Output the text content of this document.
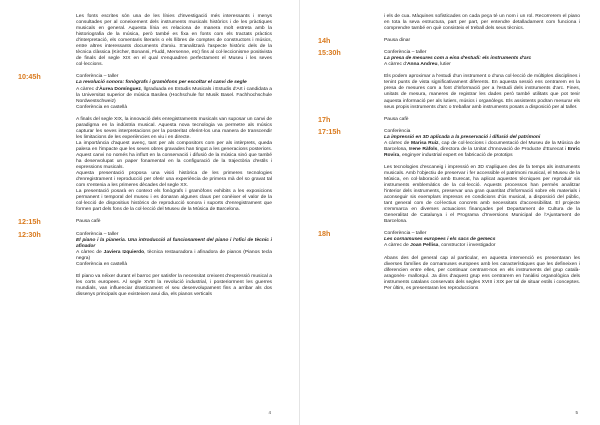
Les fonts escrites són una de les línies d'investigació més interessants i menys consultades per al coneixement dels instruments musicals històrics i de les pràctiques musicals en general. Aquesta línia es relaciona de manera molt estreta amb la historiografia de la música, però també es fixa en fonts com els tractats pràctics d'interpretació, els comentaris literaris o els llibres de comptes de constructors i músics, entre altres interessants documents d'arxiu. S'analitzarà l'aspecte històric dels de la tècnica clàssica (Kircher, Bonanni, Fludd, Mersenne, etc) fins al col·leccionisme positivista de finals del segle XIX en el qual s'enquadren perfectament el Museu i les seves col·leccions.

10:45h	Conferència – taller

La revolució sonora: fonògrafs i gramòfons per escoltar el canvi de segle

A càrrec d'Àurea Domínguez, llgraduada en Estudis Musicals i Estudis d'Art i candidata a la Universitat superior de música Basilea (Hochschule für Musik Basel. Fachhochschule Nordwestschweiz)

Conferència en castellà

A finals del segle XIX, la innovació dels enregistraments musicals van suposar un canvi de paradigma en la indústria musical. Aquesta nova tecnologia va permetre als músics capturar les seves interpretacions per la posteritat oferint-los una manera de transcendir les limitacions de les experiències en viu i en directe.

La importància d'aquest avenç, tant per als compositors com per als intèrprets, queda palesa en l'impacte que les seves obres gravades han tingut a les generacions posteriors. Aquest canvi no només ha influït en la conservació i difusió de la música sinó que també ha desenvolupat un paper fonamental en la configuració de la trajectòria d'estils i expressions musicals.

Aquesta presentació proposa una visió històrica de les primeres tecnologies d'enregistrament i reproducció per oferir una experiència de primera mà del so gravat tal com s'entenia a les primeres dècades del segle XX.

La presentació posarà en context els fonògrafs i gramòfons exhibits a les exposicions permanent i temporal del museu i es donaran algunes claus per conèixer el valor de la col·lecció de dispositius històrics de reproducció sonora i suports d'enregistrament que formen part dels fons de la col·lecció del Museu de la Música de Barcelona.

12:15h	Pausa cafè

12:30h	Conferència – taller

El piano i la pianeria. Una introducció al funcionament del piano i l'ofici de tècnic i afinador

A càrrec de Javiera Izquierdo, tècnica restauradora i afinadora de pianos (Pianos tecla negra)

Conferència en castellà

El piano va néixer durant el barroc per satisfer la necessitat creixent d'expressió musical a les corts europees. Al segle XVIII la revolució industrial, i posteriorment les guerres mundials, van influenciar drasticament el seu desenvolupament fins a arribar als dos dissenys principals que existeixen avui dia, els pianos verticals

4

i els de cua. Màquines sofisticades on cada peça té un nom i un rol. Recorrerem el piano en tota la seva estructura, part per part, per entendre detalladament com funciona i comprendre també en què consisteix el treball dels seus tècnics.

14h	Pausa dinar

15:30h	Conferència – taller

La presa de mesures com a eina d'estudi: els instruments d'arc

A càrrec d'Anna Andreu, lutier

Els podem aproximar a l'estudi d'un instrument o d'una col·lecció de múltiples disciplines i tenint punts de vista significativament diferents. En aquesta sessió ens centrarem en la presa de mesures com a font d'informació per a l'estudi dels instruments d'arc. Fines, unitats de mesura, maneres de registrar les dades però també utilitats que pot tenir aquesta informació per als lutiers, músics i organòlegs. Els assistents podran mesurar els seus propis instruments d'arc o treballar amb instruments posats a disposició per al taller.

17h	Pausa cafè

17:15h	Conferència

La impressió en 3D aplicada a la preservació i difusió del patrimoni

A càrrec de Marisa Ruiz, cap de col·leccions i documentació del Museu de la Música de Barcelona, Irene Ràfols, directora de la Unitat d'Innovació de Producte d'Eurecat i Enric Rovira, enginyer industrial expert en fabricació de prototips

Les tecnologies d'escaneig i impressió en 3D s'apliquen des de fa temps als instruments musicals. Amb l'objectiu de preservar i fer accessible el patrimoni musical, el Museu de la Música, en col·laboració amb Eurecat, ha aplicat aquestes tècniques per reproduir sis instruments emblemàtics de la col·lecció. Aquests processos han permès analitzar l'interior dels instruments, preservar una gran quantitat d'informació sobre els materials i aconseguir sis exemplars impresos en condicions d'ús musical, a disposició del públic, tant general com de col·lectius concrets amb necessitats d'accessibilitat. El projecte s'emmarca en diverses actuacions finançades pel Departament de Cultura de la Generalitat de Catalunya i el Programa d'Inversions Municipal de l'Ajuntament de Barcelona.

18h	Conferència – taller

Les cornamuses europees i els sacs de gemecs

A càrrec de Joan Pellisa, constructor i investigador

Abans des del general cap al particular, en aquesta intervenció es presentaran les diverses famílies de cornamuses europees amb les característiques que les defineixen i diferencien entre elles, per continuar centrant-nos en els instruments del grup català- aragonès- mallorquí. Ja dins d'aquest grup ens centrarem en l'anàlisi organològica dels instruments catalans conservats dels segles XVIII i XIX per tal de situar estils i conceptes. Per últim, es presentaran les reproduccions

5
